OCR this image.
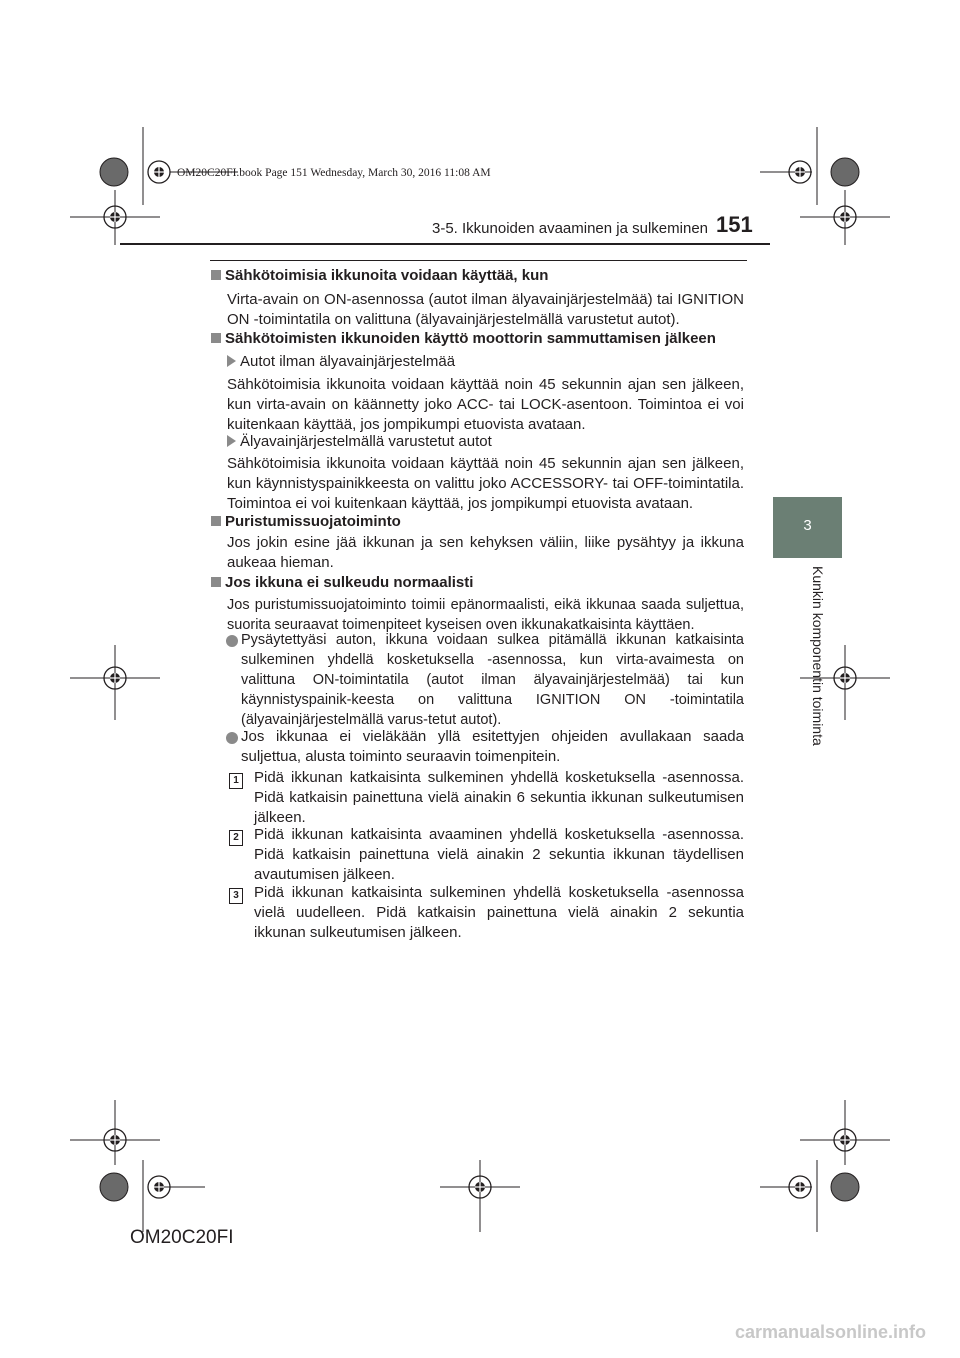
OM20C20FI.book Page 151 Wednesday, March 30, 2016 11:08 AM
3-5. Ikkunoiden avaaminen ja sulkeminen 151
3
Kunkin komponentin toiminta
Sähkötoimisia ikkunoita voidaan käyttää, kun
Virta-avain on ON-asennossa (autot ilman älyavainjärjestelmää) tai IGNITION ON -toimintatila on valittuna (älyavainjärjestelmällä varustetut autot).
Sähkötoimisten ikkunoiden käyttö moottorin sammuttamisen jälkeen
Autot ilman älyavainjärjestelmää
Sähkötoimisia ikkunoita voidaan käyttää noin 45 sekunnin ajan sen jälkeen, kun virta-avain on käännetty joko ACC- tai LOCK-asentoon. Toimintoa ei voi kuitenkaan käyttää, jos jompikumpi etuovista avataan.
Älyavainjärjestelmällä varustetut autot
Sähkötoimisia ikkunoita voidaan käyttää noin 45 sekunnin ajan sen jälkeen, kun käynnistyspainikkeesta on valittu joko ACCESSORY- tai OFF-toimintatila. Toimintoa ei voi kuitenkaan käyttää, jos jompikumpi etuovista avataan.
Puristumissuojatoiminto
Jos jokin esine jää ikkunan ja sen kehyksen väliin, liike pysähtyy ja ikkuna aukeaa hieman.
Jos ikkuna ei sulkeudu normaalisti
Jos puristumissuojatoiminto toimii epänormaalisti, eikä ikkunaa saada suljettua, suorita seuraavat toimenpiteet kyseisen oven ikkunakatkaisinta käyttäen.
Pysäytettyäsi auton, ikkuna voidaan sulkea pitämällä ikkunan katkaisinta sulkeminen yhdellä kosketuksella -asennossa, kun virta-avaimesta on valittuna ON-toimintatila (autot ilman älyavainjärjestelmää) tai kun käynnistyspainik-keesta on valittuna IGNITION ON -toimintatila (älyavainjärjestelmällä varus-tetut autot).
Jos ikkunaa ei vieläkään yllä esitettyjen ohjeiden avullakaan saada suljettua, alusta toiminto seuraavin toimenpitein.
1 Pidä ikkunan katkaisinta sulkeminen yhdellä kosketuksella -asennossa. Pidä katkaisin painettuna vielä ainakin 6 sekuntia ikkunan sulkeutumisen jälkeen.
2 Pidä ikkunan katkaisinta avaaminen yhdellä kosketuksella -asennossa. Pidä katkaisin painettuna vielä ainakin 2 sekuntia ikkunan täydellisen avautumisen jälkeen.
3 Pidä ikkunan katkaisinta sulkeminen yhdellä kosketuksella -asennossa vielä uudelleen. Pidä katkaisin painettuna vielä ainakin 2 sekuntia ikkunan sulkeutumisen jälkeen.
OM20C20FI
carmanualsonline.info
